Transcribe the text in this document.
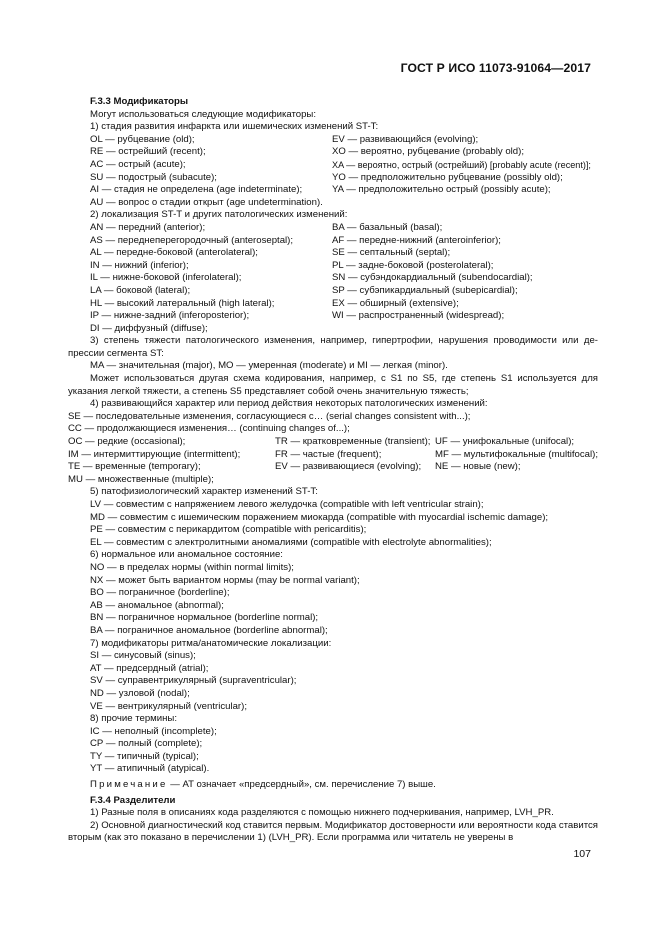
ГОСТ Р ИСО 11073-91064—2017
F.3.3 Модификаторы
Могут использоваться следующие модификаторы:
1) стадия развития инфаркта или ишемических изменений ST-T:
OL — рубцевание (old);	EV — развивающийся (evolving);
RE — острейший (recent);	XO — вероятно, рубцевание (probably old);
AC — острый (acute);	XA — вероятно, острый (острейший) [probably acute (recent)];
SU — подострый (subacute);	YO — предположительно рубцевание (possibly old);
AI — стадия не определена (age indeterminate);	YA — предположительно острый (possibly acute);
AU — вопрос о стадии открыт (age undetermination).
2) локализация ST-T и других патологических изменений:
AN — передний (anterior);	BA — базальный (basal);
AS — переднеперегородочный (anteroseptal);	AF — передне-нижний (anteroinferior);
AL — передне-боковой (anterolateral);	SE — септальный (septal);
IN — нижний (inferior);	PL — задне-боковой (posterolateral);
IL — нижне-боковой (inferolateral);	SN — субэндокардиальный (subendocardial);
LA — боковой (lateral);	SP — субэпикардиальный (subepicardial);
HL — высокий латеральный (high lateral);	EX — обширный (extensive);
IP — нижне-задний (inferoposterior);	WI — распространенный (widespread);
DI — диффузный (diffuse);
3) степень тяжести патологического изменения, например, гипертрофии, нарушения проводимости или де-прессии сегмента ST:
MA — значительная (major), MO — умеренная (moderate) и MI — легкая (minor).
Может использоваться другая схема кодирования, например, с S1 по S5, где степень S1 используется для указания легкой тяжести, а степень S5 представляет собой очень значительную тяжесть;
4) развивающийся характер или период действия некоторых патологических изменений:
SE — последовательные изменения, согласующиеся с… (serial changes consistent with...);
CC — продолжающиеся изменения… (continuing changes of...);
OC — редкие (occasional);	TR — кратковременные (transient); UF — унифокальные (unifocal);
IM — интермиттирующие (intermittent);	FR — частые (frequent);	MF — мультифокальные (multifocal);
TE — временные (temporary);	EV — развивающиеся (evolving);	NE — новые (new);
MU — множественные (multiple);
5) патофизиологический характер изменений ST-T:
LV — совместим с напряжением левого желудочка (compatible with left ventricular strain);
MD — совместим с ишемическим поражением миокарда (compatible with myocardial ischemic damage);
PE — совместим с перикардитом (compatible with pericarditis);
EL — совместим с электролитными аномалиями (compatible with electrolyte abnormalities);
6) нормальное или аномальное состояние:
NO — в пределах нормы (within normal limits);
NX — может быть вариантом нормы (may be normal variant);
BO — пограничное (borderline);
AB — аномальное (abnormal);
BN — пограничное нормальное (borderline normal);
BA — пограничное аномальное (borderline abnormal);
7) модификаторы ритма/анатомические локализации:
SI — синусовый (sinus);
AT — предсердный (atrial);
SV — суправентрикулярный (supraventricular);
ND — узловой (nodal);
VE — вентрикулярный (ventricular);
8) прочие термины:
IC — неполный (incomplete);
CP — полный (complete);
TY — типичный (typical);
YT — атипичный (atypical).
Примечание — AT означает «предсердный», см. перечисление 7) выше.
F.3.4 Разделители
1) Разные поля в описаниях кода разделяются с помощью нижнего подчеркивания, например, LVH_PR.
2) Основной диагностический код ставится первым. Модификатор достоверности или вероятности кода ставится вторым (как это показано в перечислении 1) (LVH_PR). Если программа или читатель не уверены в
107
